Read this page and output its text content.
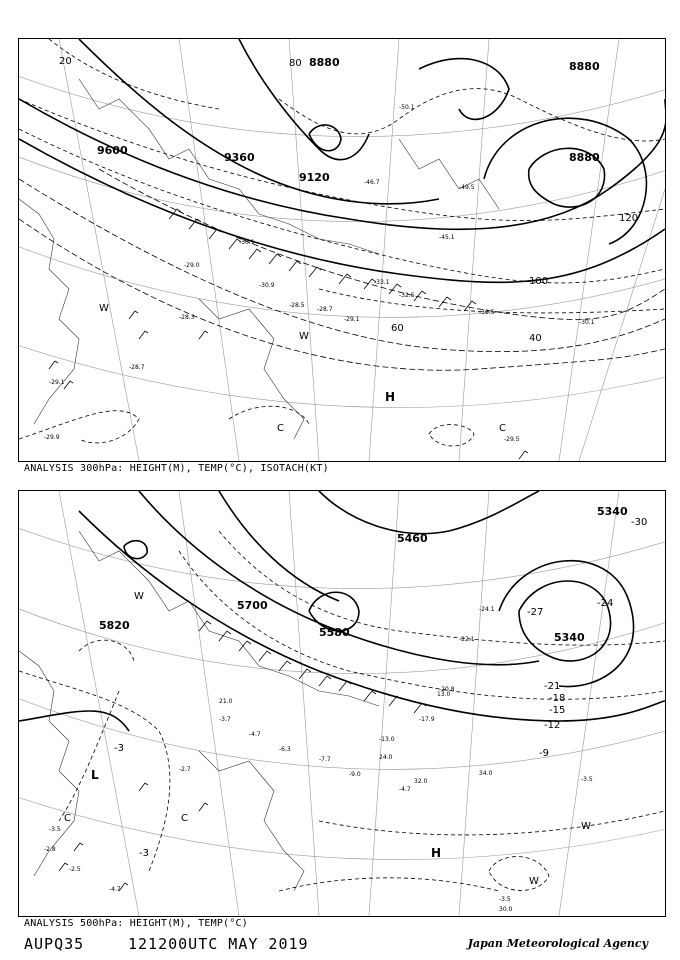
-29.0
-30.1
-28.5
-28.7
-29.1
-33.1
-30.9
-32.5
-45.1
-46.7
-49.5
-50.1
-32.5
-30.1
-28.3
-28.7
-29.1
-29.9
8880
8880
8880
9120
9360
9600
20
40
60
80
100
120
-29.5
H
C
C
W
W
ANALYSIS 300hPa: HEIGHT(M), TEMP(°C), ISOTACH(KT)
-3.7
-4.7
-6.3
-7.7
-9.0
-13.0
-17.9
-20.8
-22.1
-24.1
-4.7
-2.7
-3.5
-2.8
-2.5
-4.7
-3.5
5340
5340
5460
5580
5700
5820
-3
-3
-9
-12
-15
-18
-21
-24
-27
-30
-3.5
34.0
30.0
32.0
24.0
21.0
13.0
L
H
C	C
W
W
W
ANALYSIS 500hPa: HEIGHT(M), TEMP(°C)
AUPQ35	121200UTC MAY 2019	Japan Meteorological Agency
